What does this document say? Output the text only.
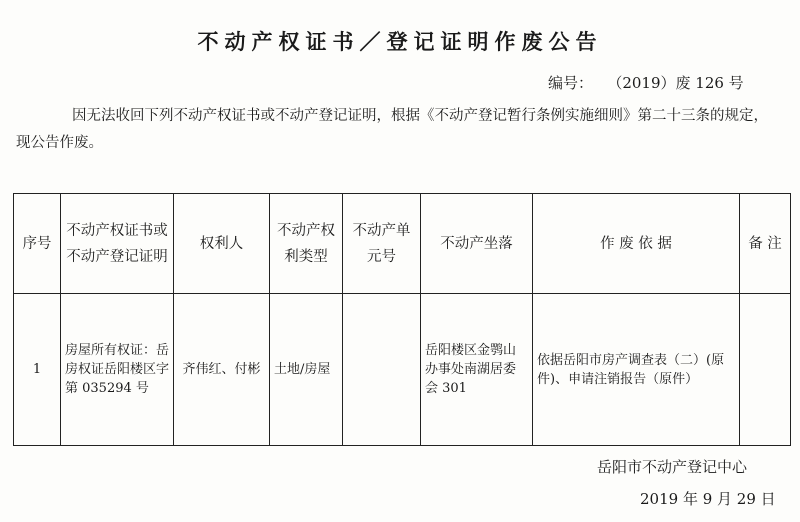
不动产权证书／登记证明作废公告
编号： （2019）废 126 号
因无法收回下列不动产权证书或不动产登记证明，根据《不动产登记暂行条例实施细则》第二十三条的规定，现公告作废。
序号	不动产权证书或不动产登记证明	权利人	不动产权利类型	不动产单元号	不动产坐落	作 废 依 据	备 注
1	房屋所有权证：岳房权证岳阳楼区字第 035294 号	齐伟红、付彬	土地/房屋		岳阳楼区金鹗山办事处南湖居委会 301	依据岳阳市房产调查表（二）(原件)、申请注销报告（原件）	
岳阳市不动产登记中心
2019 年 9 月 29 日
